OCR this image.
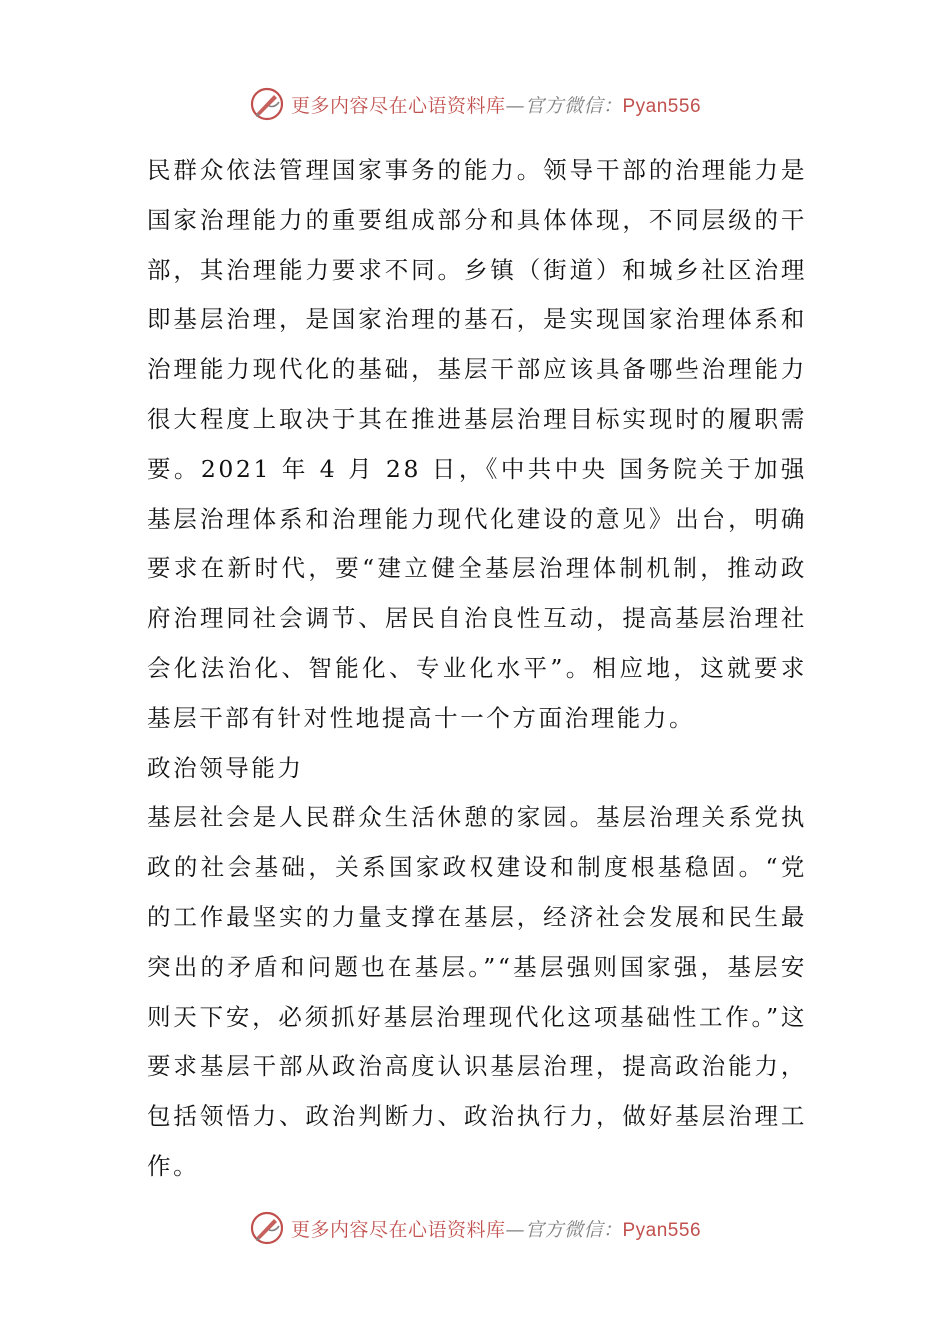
更多内容尽在心语资料库—官方微信：Pyan556

民群众依法管理国家事务的能力。领导干部的治理能力是国家治理能力的重要组成部分和具体体现，不同层级的干部，其治理能力要求不同。乡镇（街道）和城乡社区治理即基层治理，是国家治理的基石，是实现国家治理体系和治理能力现代化的基础，基层干部应该具备哪些治理能力很大程度上取决于其在推进基层治理目标实现时的履职需要。2021 年 4 月 28 日，《中共中央 国务院关于加强基层治理体系和治理能力现代化建设的意见》出台，明确要求在新时代，要“建立健全基层治理体制机制，推动政府治理同社会调节、居民自治良性互动，提高基层治理社会化法治化、智能化、专业化水平”。相应地，这就要求基层干部有针对性地提高十一个方面治理能力。

政治领导能力

基层社会是人民群众生活休憩的家园。基层治理关系党执政的社会基础，关系国家政权建设和制度根基稳固。“党的工作最坚实的力量支撑在基层，经济社会发展和民生最突出的矛盾和问题也在基层。”“基层强则国家强，基层安则天下安，必须抓好基层治理现代化这项基础性工作。”这要求基层干部从政治高度认识基层治理，提高政治能力，包括领悟力、政治判断力、政治执行力，做好基层治理工作。

更多内容尽在心语资料库—官方微信：Pyan556
